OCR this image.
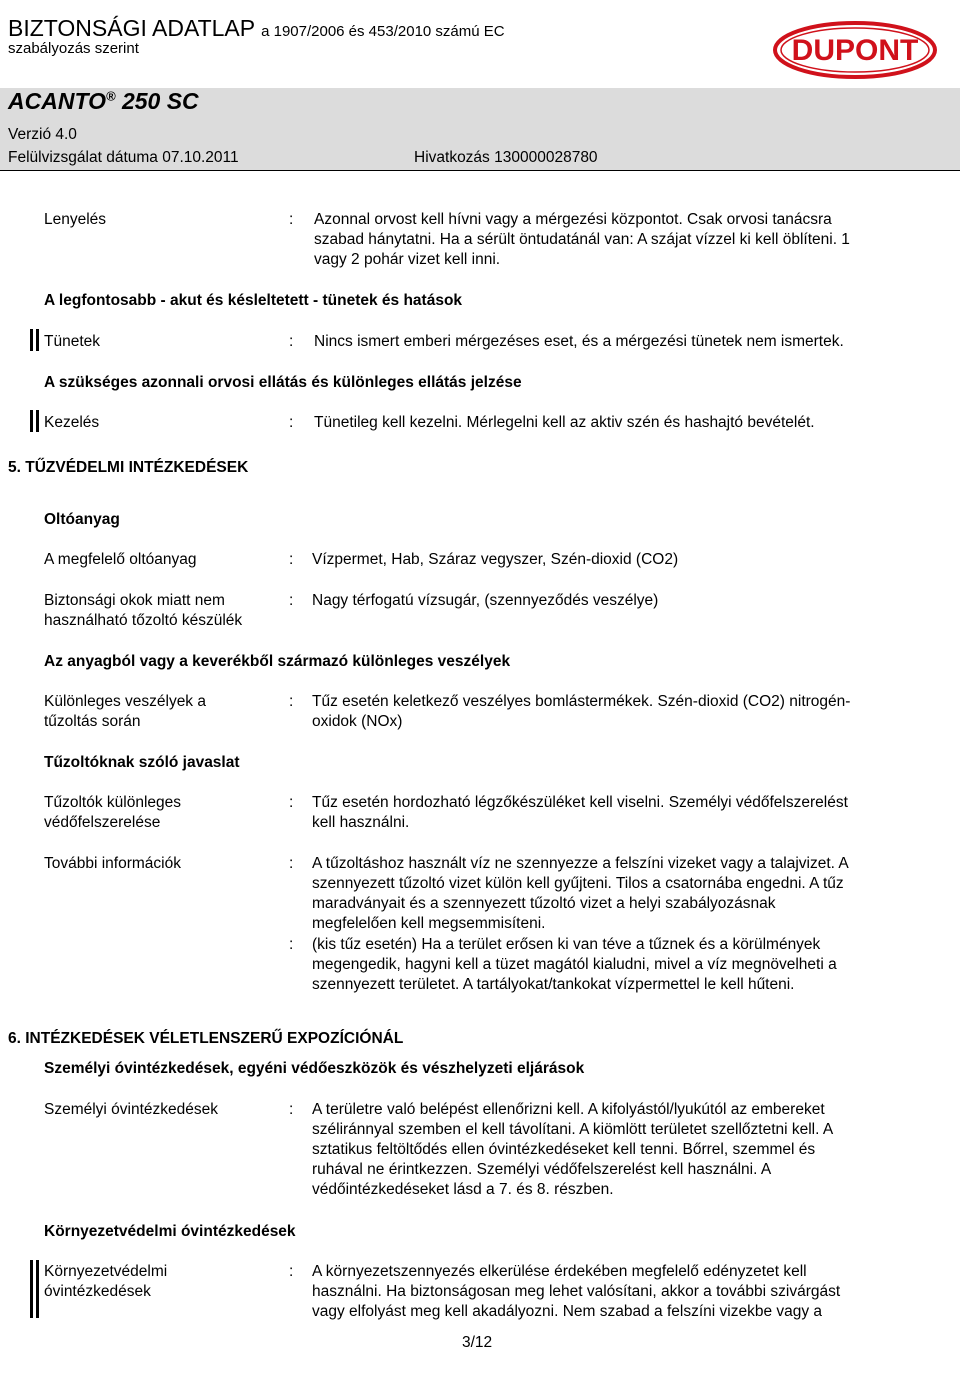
BIZTONSÁGI ADATLAP a 1907/2006 és 453/2010 számú EC
szabályozás szerint
ACANTO® 250 SC
Verzió 4.0
Felülvizsgálat dátuma 07.10.2011	Hivatkozás 130000028780
DUPONT
Lenyelés	: Azonnal orvost kell hívni vagy a mérgezési központot. Csak orvosi tanácsra
szabad hánytatni. Ha a sérült öntudatánál van: A szájat vízzel ki kell öblíteni. 1
vagy 2 pohár vizet kell inni.
A legfontosabb - akut és késleltetett - tünetek és hatások
Tünetek	: Nincs ismert emberi mérgezéses eset, és a mérgezési tünetek nem ismertek.
A szükséges azonnali orvosi ellátás és különleges ellátás jelzése
Kezelés	: Tünetileg kell kezelni. Mérlegelni kell az aktiv szén és hashajtó bevételét.
5. TŰZVÉDELMI INTÉZKEDÉSEK
Oltóanyag
A megfelelő oltóanyag	: Vízpermet, Hab, Száraz vegyszer, Szén-dioxid (CO2)
Biztonsági okok miatt nem
használható tőzoltó készülék
: Nagy térfogatú vízsugár, (szennyeződés veszélye)
Az anyagból vagy a keverékből származó különleges veszélyek
Különleges veszélyek a
tűzoltás során
: Tűz esetén keletkező veszélyes bomlástermékek. Szén-dioxid (CO2) nitrogén-
oxidok (NOx)
Tűzoltóknak szóló javaslat
Tűzoltók különleges
védőfelszerelése
: Tűz esetén hordozható légzőkészüléket kell viselni. Személyi védőfelszerelést
kell használni.
További információk	: A tűzoltáshoz használt víz ne szennyezze a felszíni vizeket vagy a talajvizet. A
szennyezett tűzoltó vizet külön kell gyűjteni. Tilos a csatornába engedni. A tűz
maradványait és a szennyezett tűzoltó vizet a helyi szabályozásnak
megfelelően kell megsemmisíteni.
: (kis tűz esetén) Ha a terület erősen ki van téve a tűznek és a körülmények
megengedik, hagyni kell a tüzet magától kialudni, mivel a víz megnövelheti a
szennyezett területet. A tartályokat/tankokat vízpermettel le kell hűteni.
6. INTÉZKEDÉSEK VÉLETLENSZERŰ EXPOZÍCIÓNÁL
Személyi óvintézkedések, egyéni védőeszközök és vészhelyzeti eljárások
Személyi óvintézkedések	: A területre való belépést ellenőrizni kell. A kifolyástól/lyukútól az embereket
széliránnyal szemben el kell távolítani. A kiömlött területet szellőztetni kell. A
sztatikus feltöltődés ellen óvintézkedéseket kell tenni. Bőrrel, szemmel és
ruhával ne érintkezzen. Személyi védőfelszerelést kell használni. A
védőintézkedéseket lásd a 7. és 8. részben.
Környezetvédelmi óvintézkedések
Környezetvédelmi
óvintézkedések
: A környezetszennyezés elkerülése érdekében megfelelő edényzetet kell
használni. Ha biztonságosan meg lehet valósítani, akkor a további szivárgást
vagy elfolyást meg kell akadályozni. Nem szabad a felszíni vizekbe vagy a
3/12
